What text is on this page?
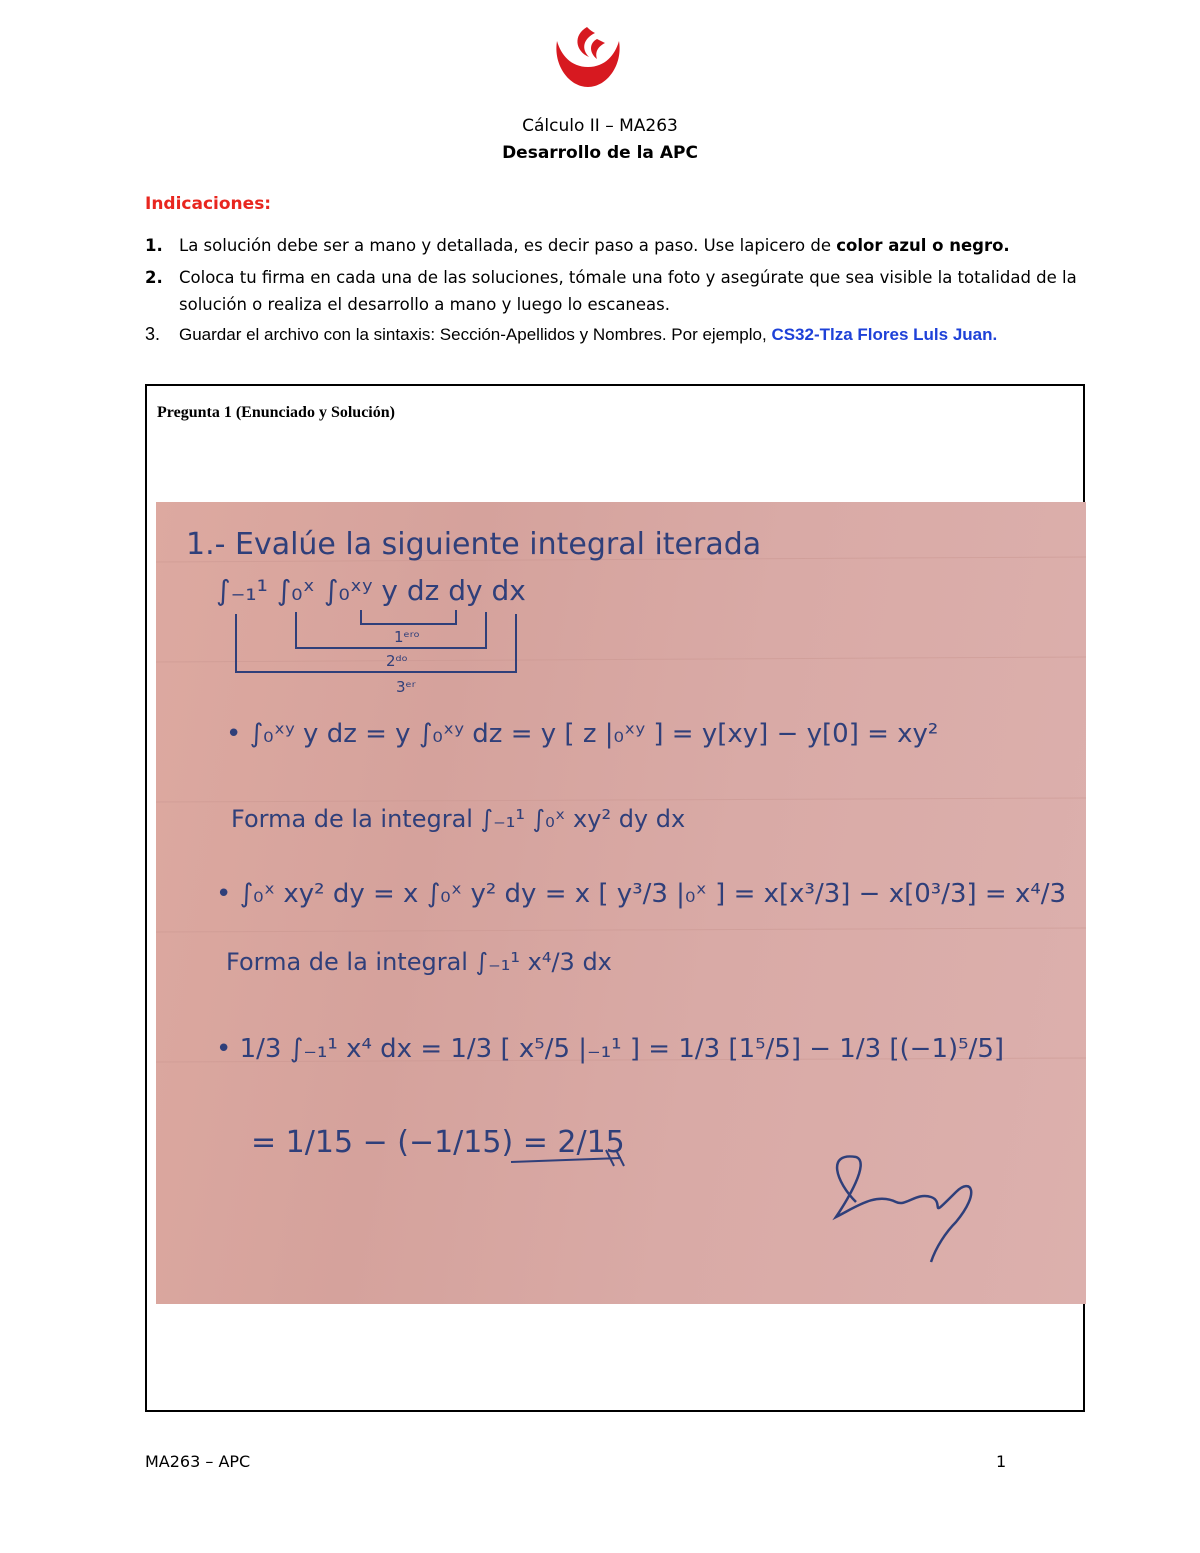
Cálculo II – MA263
Desarrollo de la APC
Indicaciones:
1. La solución debe ser a mano y detallada, es decir paso a paso. Use lapicero de color azul o negro.
2. Coloca tu firma en cada una de las soluciones, tómale una foto y asegúrate que sea visible la totalidad de la solución o realiza el desarrollo a mano y luego lo escaneas.
3. Guardar el archivo con la sintaxis: Sección-Apellidos y Nombres. Por ejemplo, CS32-Tlza Flores Luls Juan.
Pregunta 1 (Enunciado y Solución)
1.- Evalúe la siguiente integral iterada
∫₋₁¹ ∫₀ˣ ∫₀ˣʸ y dz dy dx
1ᵉʳᵒ
2ᵈᵒ
3ᵉʳ
• ∫₀ˣʸ y dz = y ∫₀ˣʸ dz = y [ z |₀ˣʸ ] = y[xy] − y[0] = xy²
Forma de la integral ∫₋₁¹ ∫₀ˣ xy² dy dx
• ∫₀ˣ xy² dy = x ∫₀ˣ y² dy = x [ y³/3 |₀ˣ ] = x[x³/3] − x[0³/3] = x⁴/3
Forma de la integral ∫₋₁¹ x⁴/3 dx
• 1/3 ∫₋₁¹ x⁴ dx = 1/3 [ x⁵/5 |₋₁¹ ] = 1/3 [1⁵/5] − 1/3 [(−1)⁵/5]
= 1/15 − (−1/15) = 2/15
MA263 – APC	1
